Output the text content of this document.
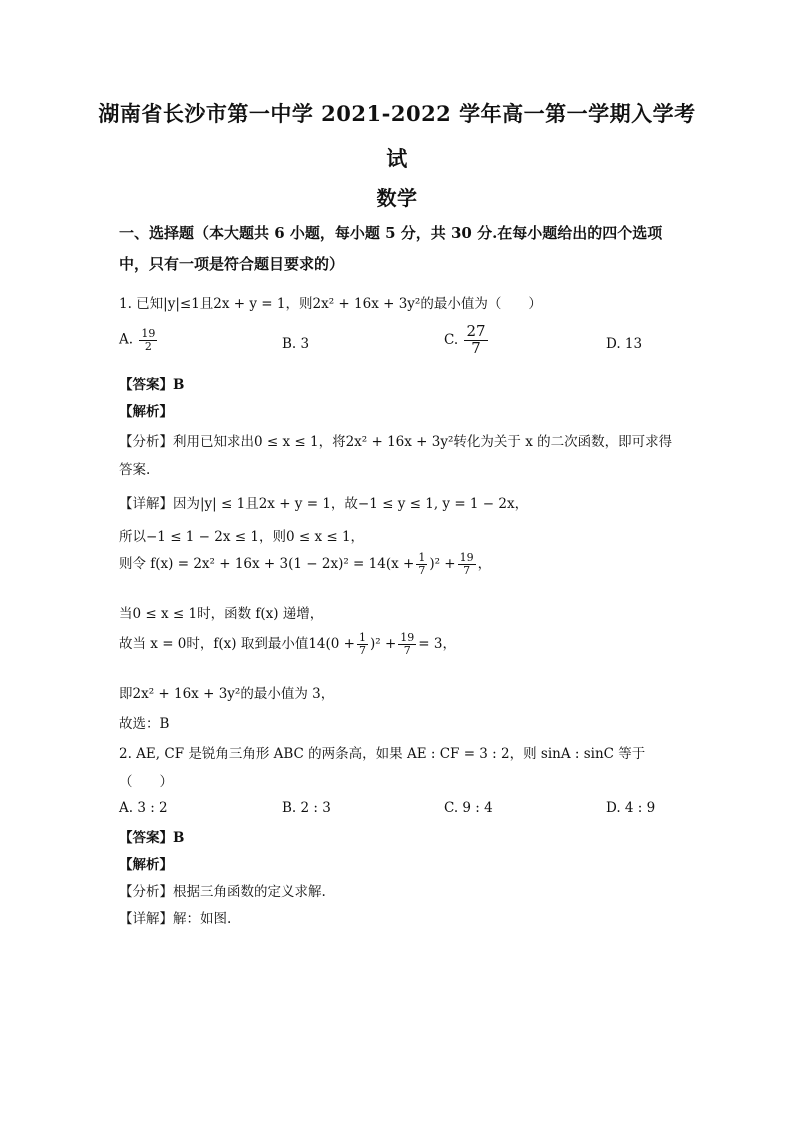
湖南省长沙市第一中学 2021-2022 学年高一第一学期入学考
试
数学
一、选择题（本大题共 6 小题，每小题 5 分，共 30 分.在每小题给出的四个选项
中，只有一项是符合题目要求的）
1. 已知|y|≤1且2x + y = 1，则2x² + 16x + 3y²的最小值为（　　）
A. $\frac{19}{2}$	B. 3	C. $\frac{27}{7}$	D. 13
【答案】B
【解析】
【分析】利用已知求出0 ≤ x ≤ 1，将2x² + 16x + 3y²转化为关于 x 的二次函数，即可求得
答案.
【详解】因为|y| ≤ 1且2x + y = 1，故−1 ≤ y ≤ 1, y = 1 − 2x，
所以−1 ≤ 1 − 2x ≤ 1，则0 ≤ x ≤ 1，
则令 $f(x) = 2x^2 + 16x + 3(1 - 2x)^2 = 14(x + \frac{1}{7} )^2 + \frac{19}{7}$ ，
当0 ≤ x ≤ 1时，函数 f(x) 递增，
故当 x = 0时，f(x) 取到最小值$14(0 + \frac{1}{7} )^2 + \frac{19}{7} = 3$，
即2x² + 16x + 3y²的最小值为 3，
故选：B
2. AE, CF 是锐角三角形 ABC 的两条高，如果 AE : CF = 3 : 2，则 sinA : sinC 等于
（　　）
A. 3 : 2	B. 2 : 3	C. 9 : 4	D. 4 : 9
【答案】B
【解析】
【分析】根据三角函数的定义求解.
【详解】解：如图.
